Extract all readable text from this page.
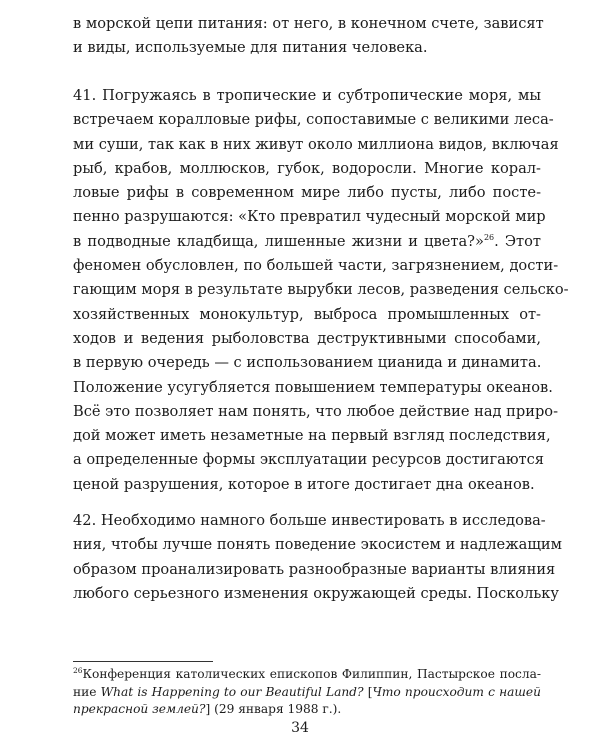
в морской цепи питания: от него, в конечном счете, зависят
и виды, используемые для питания человека.
41. Погружаясь в тропические и субтропические моря, мы
встречаем коралловые рифы, сопоставимые с великими леса-
ми суши, так как в них живут около миллиона видов, включая
рыб, крабов, моллюсков, губок, водоросли. Многие корал-
ловые рифы в современном мире либо пусты, либо посте-
пенно разрушаются: «Кто превратил чудесный морской мир
в подводные кладбища, лишенные жизни и цвета?»$^{26}$. Этот
феномен обусловлен, по большей части, загрязнением, дости-
гающим моря в результате вырубки лесов, разведения сельско-
хозяйственных монокультур, выброса промышленных от-
ходов и ведения рыболовства деструктивными способами,
в первую очередь — с использованием цианида и динамита.
Положение усугубляется повышением температуры океанов.
Всё это позволяет нам понять, что любое действие над приро-
дой может иметь незаметные на первый взгляд последствия,
а определенные формы эксплуатации ресурсов достигаются
ценой разрушения, которое в итоге достигает дна океанов.
42. Необходимо намного больше инвестировать в исследова-
ния, чтобы лучше понять поведение экосистем и надлежащим
образом проанализировать разнообразные варианты влияния
любого серьезного изменения окружающей среды. Поскольку
$^{26}$Конференция католических епископов Филиппин, Пастырское посла-
ние What is Happening to our Beautiful Land? [Что происходит с нашей
прекрасной землей?] (29 января 1988 г.).
34
